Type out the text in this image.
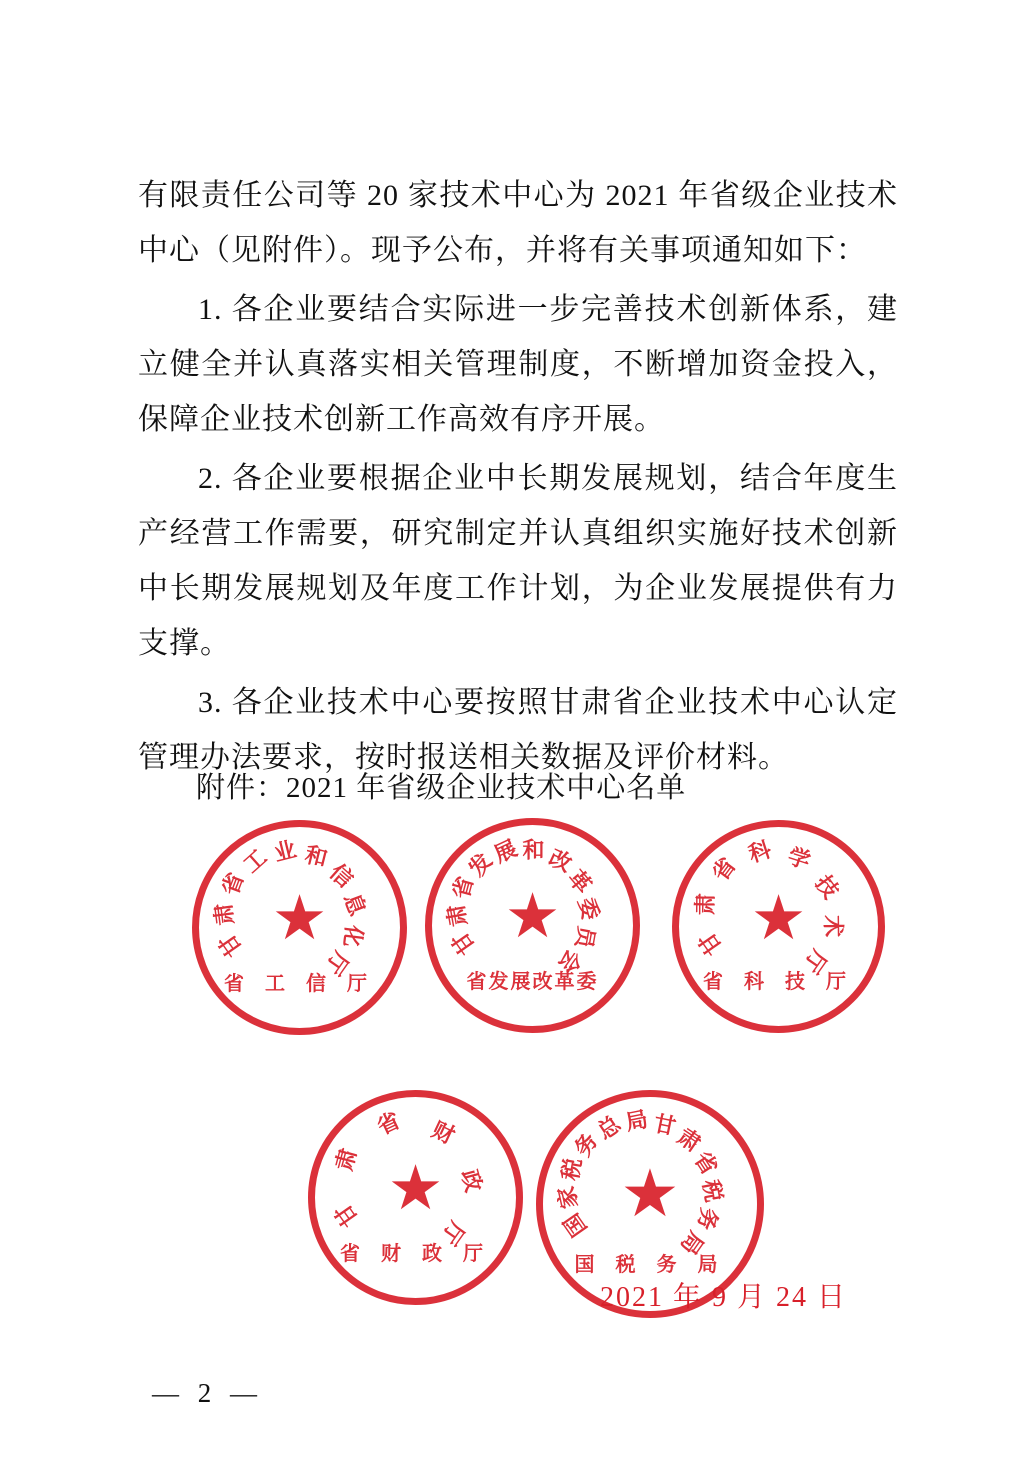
有限责任公司等 20 家技术中心为 2021 年省级企业技术中心（见附件）。现予公布，并将有关事项通知如下：

1. 各企业要结合实际进一步完善技术创新体系，建立健全并认真落实相关管理制度，不断增加资金投入，保障企业技术创新工作高效有序开展。

2. 各企业要根据企业中长期发展规划，结合年度生产经营工作需要，研究制定并认真组织实施好技术创新中长期发展规划及年度工作计划，为企业发展提供有力支撑。

3. 各企业技术中心要按照甘肃省企业技术中心认定管理办法要求，按时报送相关数据及评价材料。

附件：2021 年省级企业技术中心名单
甘
肃
省
工 业 和
信
息
化
厅
★
省 工 信 厅
甘
肃
省
发
展 和 改
革
委
员
会
★
省发展改革委
甘
肃
省
科 学
技
术
厅
★
省 科 技 厅
甘
肃
省 财
政
厅
★
省 财 政 厅
国
家
税
务
总
局 甘
肃
省
税
务
局
★
国 税 务 局
2021 年 9 月 24 日
— 2 —
